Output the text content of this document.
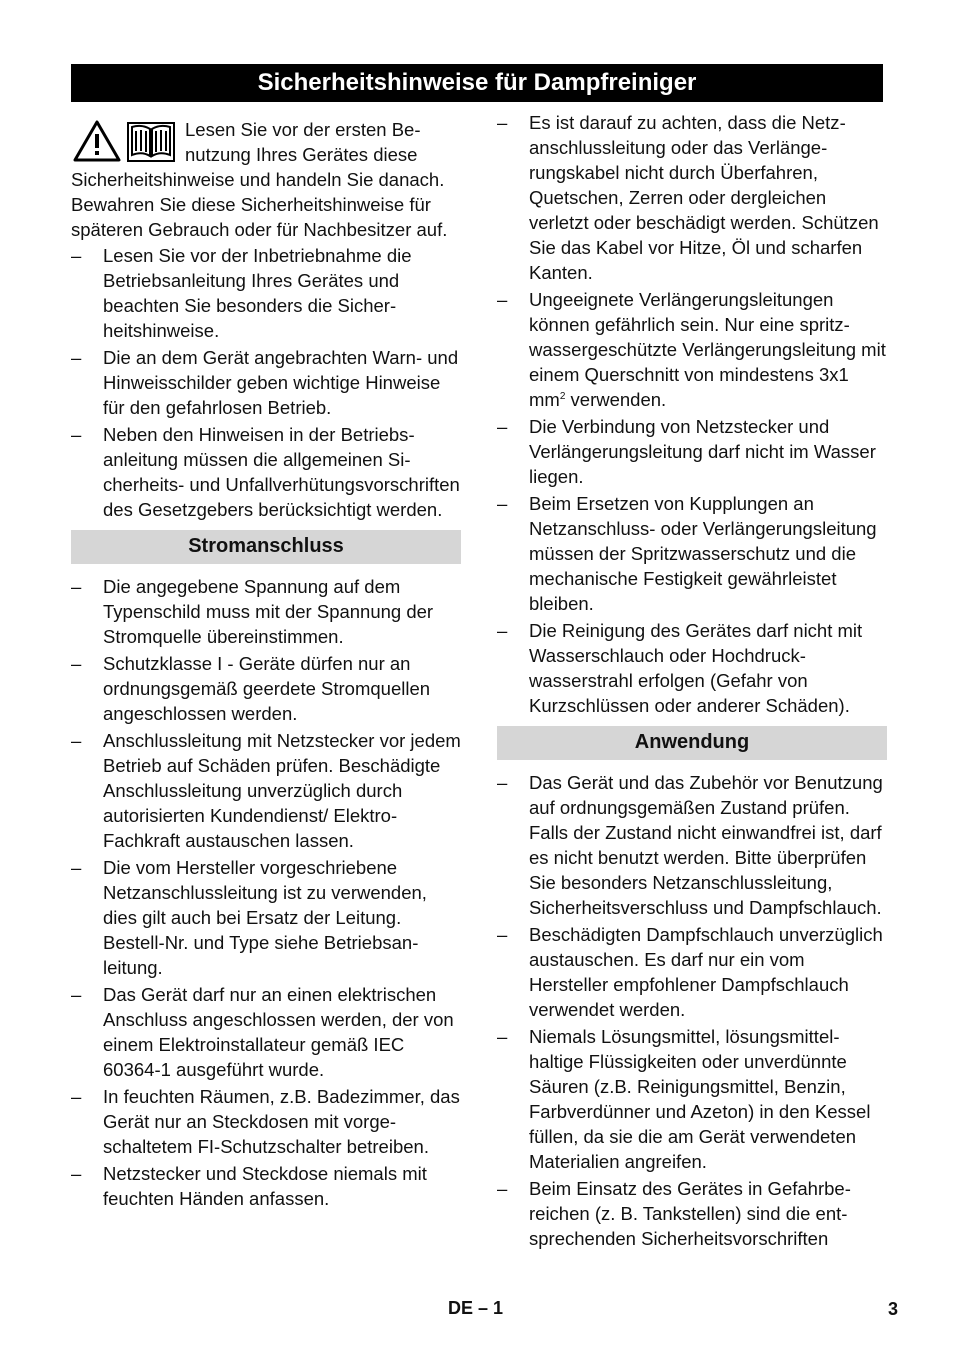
Sicherheitshinweise für Dampfreiniger
Lesen Sie vor der ersten Benutzung Ihres Gerätes diese Sicherheitshinweise und handeln Sie danach. Bewahren Sie diese Sicherheitshinweise für späteren Gebrauch oder für Nachbesitzer auf.
–	Lesen Sie vor der Inbetriebnahme die Betriebsanleitung Ihres Gerätes und beachten Sie besonders die Sicherheitshinweise.
–	Die an dem Gerät angebrachten Warn- und Hinweisschilder geben wichtige Hinweise für den gefahrlosen Betrieb.
–	Neben den Hinweisen in der Betriebsanleitung müssen die allgemeinen Sicherheits- und Unfallverhütungsvorschriften des Gesetzgebers berücksichtigt werden.
Stromanschluss
–	Die angegebene Spannung auf dem Typenschild muss mit der Spannung der Stromquelle übereinstimmen.
–	Schutzklasse I - Geräte dürfen nur an ordnungsgemäß geerdete Stromquellen angeschlossen werden.
–	Anschlussleitung mit Netzstecker vor jedem Betrieb auf Schäden prüfen. Beschädigte Anschlussleitung unverzüglich durch autorisierten Kundendienst/ Elektro-Fachkraft austauschen lassen.
–	Die vom Hersteller vorgeschriebene Netzanschlussleitung ist zu verwenden, dies gilt auch bei Ersatz der Leitung. Bestell-Nr. und Type siehe Betriebsanleitung.
–	Das Gerät darf nur an einen elektrischen Anschluss angeschlossen werden, der von einem Elektroinstallateur gemäß IEC 60364-1 ausgeführt wurde.
–	In feuchten Räumen, z.B. Badezimmer, das Gerät nur an Steckdosen mit vorgeschaltetem FI-Schutzschalter betreiben.
–	Netzstecker und Steckdose niemals mit feuchten Händen anfassen.
–	Es ist darauf zu achten, dass die Netzanschlussleitung oder das Verlängerungskabel nicht durch Überfahren, Quetschen, Zerren oder dergleichen verletzt oder beschädigt werden. Schützen Sie das Kabel vor Hitze, Öl und scharfen Kanten.
–	Ungeeignete Verlängerungsleitungen können gefährlich sein. Nur eine spritzwassergeschützte Verlängerungsleitung mit einem Querschnitt von mindestens 3x1 $mm^2$ verwenden.
–	Die Verbindung von Netzstecker und Verlängerungsleitung darf nicht im Wasser liegen.
–	Beim Ersetzen von Kupplungen an Netzanschluss- oder Verlängerungsleitung müssen der Spritzwasserschutz und die mechanische Festigkeit gewährleistet bleiben.
–	Die Reinigung des Gerätes darf nicht mit Wasserschlauch oder Hochdruckwasserstrahl erfolgen (Gefahr von Kurzschlüssen oder anderer Schäden).
Anwendung
–	Das Gerät und das Zubehör vor Benutzung auf ordnungsgemäßen Zustand prüfen. Falls der Zustand nicht einwandfrei ist, darf es nicht benutzt werden. Bitte überprüfen Sie besonders Netzanschlussleitung, Sicherheitsverschluss und Dampfschlauch.
–	Beschädigten Dampfschlauch unverzüglich austauschen. Es darf nur ein vom Hersteller empfohlener Dampfschlauch verwendet werden.
–	Niemals Lösungsmittel, lösungsmittelhaltige Flüssigkeiten oder unverdünnte Säuren (z.B. Reinigungsmittel, Benzin, Farbverdünner und Azeton) in den Kessel füllen, da sie die am Gerät verwendeten Materialien angreifen.
–	Beim Einsatz des Gerätes in Gefahrbereichen (z. B. Tankstellen) sind die entsprechenden Sicherheitsvorschriften
DE – 1	3
